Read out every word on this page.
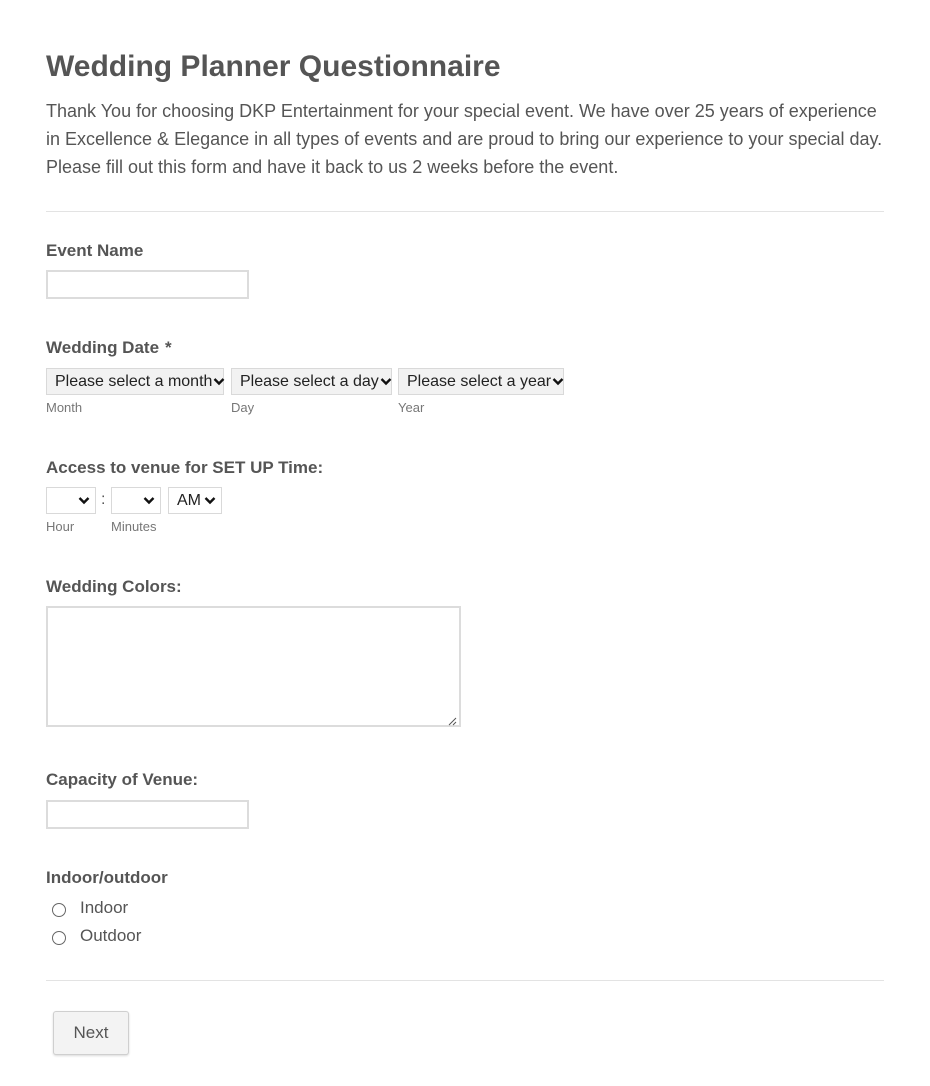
Wedding Planner Questionnaire
Thank You for choosing DKP Entertainment for your special event. We have over 25 years of experience in Excellence & Elegance in all types of events and are proud to bring our experience to your special day.  Please fill out this form and have it back to us 2 weeks before the event.
Event Name
Wedding Date *
Please select a month
Month
Please select a day
Day
Please select a year
Year
Access to venue for SET UP Time:
Hour
:
Minutes
AM
Wedding Colors:
Capacity of Venue:
Indoor/outdoor
Indoor
Outdoor
Next
